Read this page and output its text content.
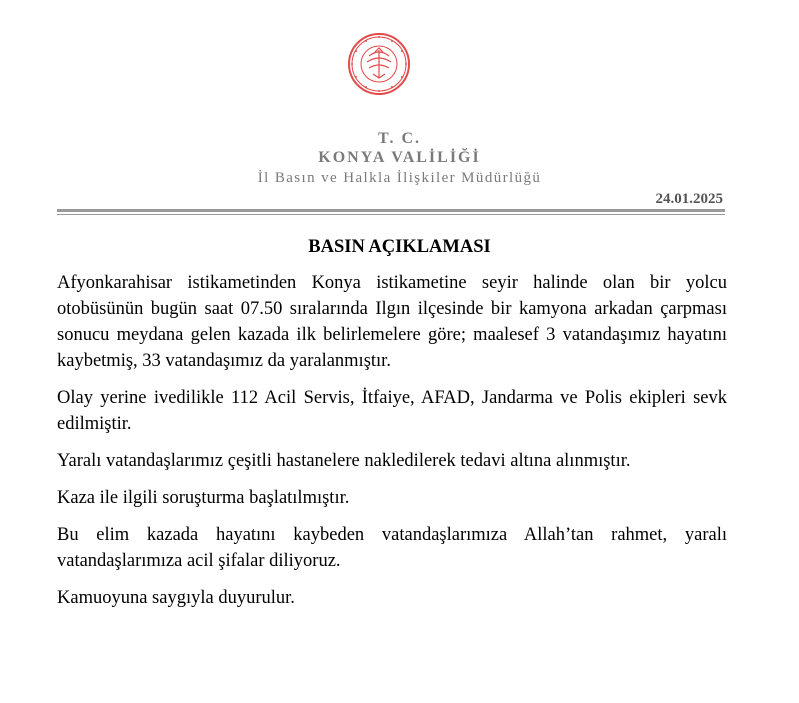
T. C.
KONYA VALİLİĞİ
İl Basın ve Halkla İlişkiler Müdürlüğü
24.01.2025
BASIN AÇIKLAMASI

Afyonkarahisar istikametinden Konya istikametine seyir halinde olan bir yolcu otobüsünün bugün saat 07.50 sıralarında Ilgın ilçesinde bir kamyona arkadan çarpması sonucu meydana gelen kazada ilk belirlemelere göre; maalesef 3 vatandaşımız hayatını kaybetmiş, 33 vatandaşımız da yaralanmıştır.

Olay yerine ivedilikle 112 Acil Servis, İtfaiye, AFAD, Jandarma ve Polis ekipleri sevk edilmiştir.

Yaralı vatandaşlarımız çeşitli hastanelere nakledilerek tedavi altına alınmıştır.

Kaza ile ilgili soruşturma başlatılmıştır.

Bu elim kazada hayatını kaybeden vatandaşlarımıza Allah’tan rahmet, yaralı vatandaşlarımıza acil şifalar diliyoruz.

Kamuoyuna saygıyla duyurulur.
